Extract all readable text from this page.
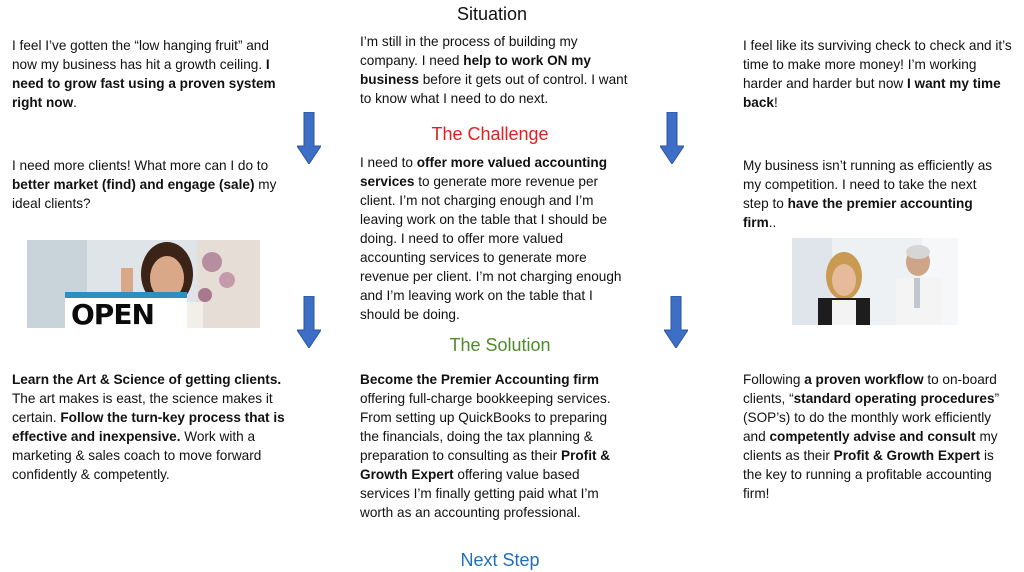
Situation
The Challenge
The Solution
Next Step
I feel I’ve gotten the “low hanging fruit” and now my business has hit a growth ceiling. I need to grow fast using a proven system right now.
I need more clients! What more can I do to better market (find) and engage (sale) my ideal clients?
OPEN
Learn the Art & Science of getting clients. The art makes is east, the science makes it certain. Follow the turn-key process that is effective and inexpensive. Work with a marketing & sales coach to move forward confidently & competently.
I’m still in the process of building my company. I need help to work ON my business before it gets out of control. I want to know what I need to do next.
I need to offer more valued accounting services to generate more revenue per client. I’m not charging enough and I’m leaving work on the table that I should be doing. I need to offer more valued accounting services to generate more revenue per client. I’m not charging enough and I’m leaving work on the table that I should be doing.
Become the Premier Accounting firm offering full-charge bookkeeping services. From setting up QuickBooks to preparing the financials, doing the tax planning & preparation to consulting as their Profit & Growth Expert offering value based services I’m finally getting paid what I’m worth as an accounting professional.
I feel like its surviving check to check and it’s time to make more money! I’m working harder and harder but now I want my time back!
My business isn’t running as efficiently as my competition. I need to take the next step to have the premier accounting firm..
Following a proven workflow to on-board clients, “standard operating procedures” (SOP’s) to do the monthly work efficiently and competently advise and consult my clients as their Profit & Growth Expert is the key to running a profitable accounting firm!
